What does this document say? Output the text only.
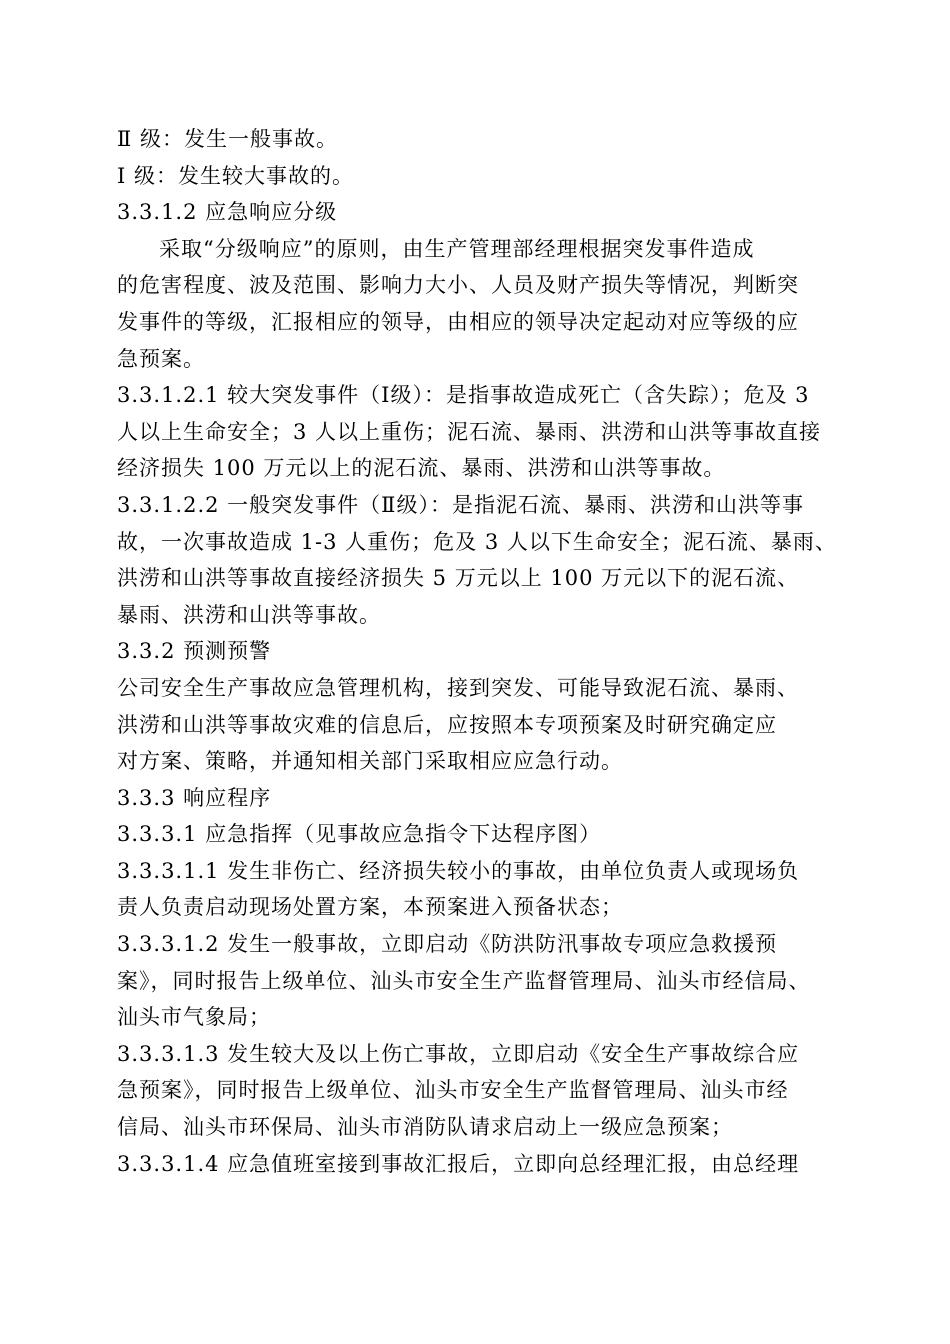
Ⅱ 级：发生一般事故。
Ⅰ 级：发生较大事故的。
3.3.1.2 应急响应分级
采取“分级响应”的原则，由生产管理部经理根据突发事件造成
的危害程度、波及范围、影响力大小、人员及财产损失等情况，判断突
发事件的等级，汇报相应的领导，由相应的领导决定起动对应等级的应
急预案。
3.3.1.2.1 较大突发事件（Ⅰ级）：是指事故造成死亡（含失踪）；危及 3
人以上生命安全；3 人以上重伤；泥石流、暴雨、洪涝和山洪等事故直接
经济损失 100 万元以上的泥石流、暴雨、洪涝和山洪等事故。
3.3.1.2.2 一般突发事件（Ⅱ级）：是指泥石流、暴雨、洪涝和山洪等事
故，一次事故造成 1-3 人重伤；危及 3 人以下生命安全；泥石流、暴雨、
洪涝和山洪等事故直接经济损失 5 万元以上 100 万元以下的泥石流、
暴雨、洪涝和山洪等事故。
3.3.2 预测预警
公司安全生产事故应急管理机构，接到突发、可能导致泥石流、暴雨、
洪涝和山洪等事故灾难的信息后，应按照本专项预案及时研究确定应
对方案、策略，并通知相关部门采取相应应急行动。
3.3.3 响应程序
3.3.3.1 应急指挥（见事故应急指令下达程序图）
3.3.3.1.1 发生非伤亡、经济损失较小的事故，由单位负责人或现场负
责人负责启动现场处置方案，本预案进入预备状态；
3.3.3.1.2 发生一般事故，立即启动《防洪防汛事故专项应急救援预
案》，同时报告上级单位、汕头市安全生产监督管理局、汕头市经信局、
汕头市气象局；
3.3.3.1.3 发生较大及以上伤亡事故，立即启动《安全生产事故综合应
急预案》，同时报告上级单位、汕头市安全生产监督管理局、汕头市经
信局、汕头市环保局、汕头市消防队请求启动上一级应急预案；
3.3.3.1.4 应急值班室接到事故汇报后，立即向总经理汇报，由总经理
